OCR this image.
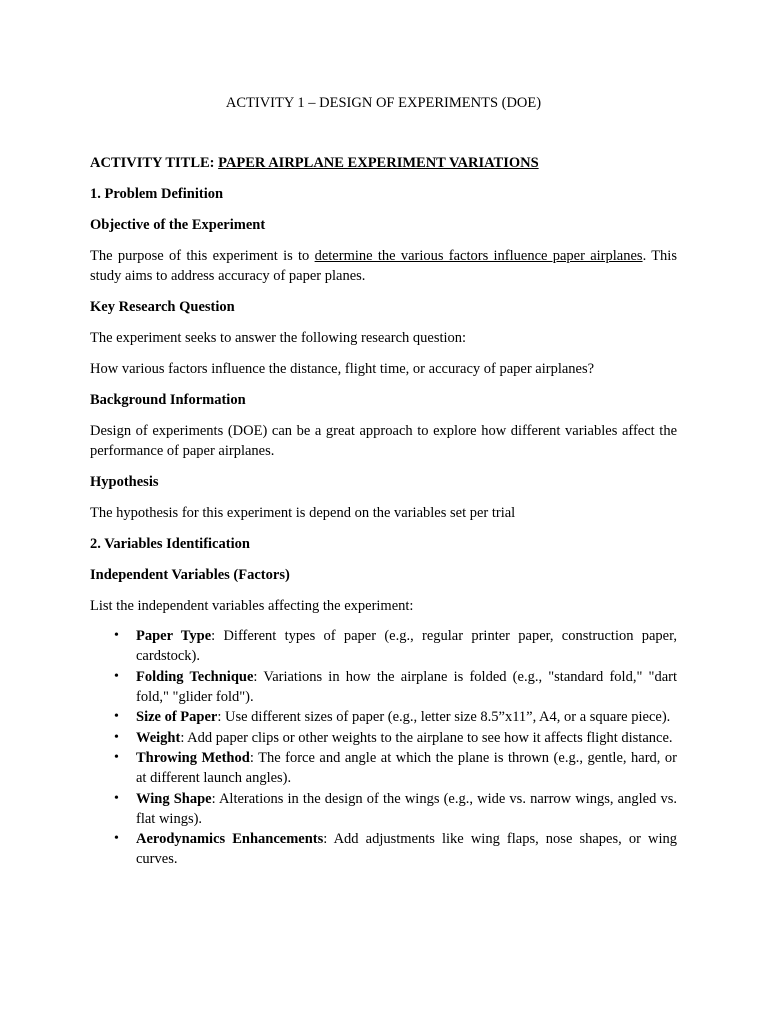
ACTIVITY 1 – DESIGN OF EXPERIMENTS (DOE)
ACTIVITY TITLE: PAPER AIRPLANE EXPERIMENT VARIATIONS
1. Problem Definition
Objective of the Experiment
The purpose of this experiment is to determine the various factors influence paper airplanes. This study aims to address accuracy of paper planes.
Key Research Question
The experiment seeks to answer the following research question:
How various factors influence the distance, flight time, or accuracy of paper airplanes?
Background Information
Design of experiments (DOE) can be a great approach to explore how different variables affect the performance of paper airplanes.
Hypothesis
The hypothesis for this experiment is depend on the variables set per trial
2. Variables Identification
Independent Variables (Factors)
List the independent variables affecting the experiment:
• Paper Type: Different types of paper (e.g., regular printer paper, construction paper, cardstock).
• Folding Technique: Variations in how the airplane is folded (e.g., "standard fold," "dart fold," "glider fold").
• Size of Paper: Use different sizes of paper (e.g., letter size 8.5”x11”, A4, or a square piece).
• Weight: Add paper clips or other weights to the airplane to see how it affects flight distance.
• Throwing Method: The force and angle at which the plane is thrown (e.g., gentle, hard, or at different launch angles).
• Wing Shape: Alterations in the design of the wings (e.g., wide vs. narrow wings, angled vs. flat wings).
• Aerodynamics Enhancements: Add adjustments like wing flaps, nose shapes, or wing curves.
